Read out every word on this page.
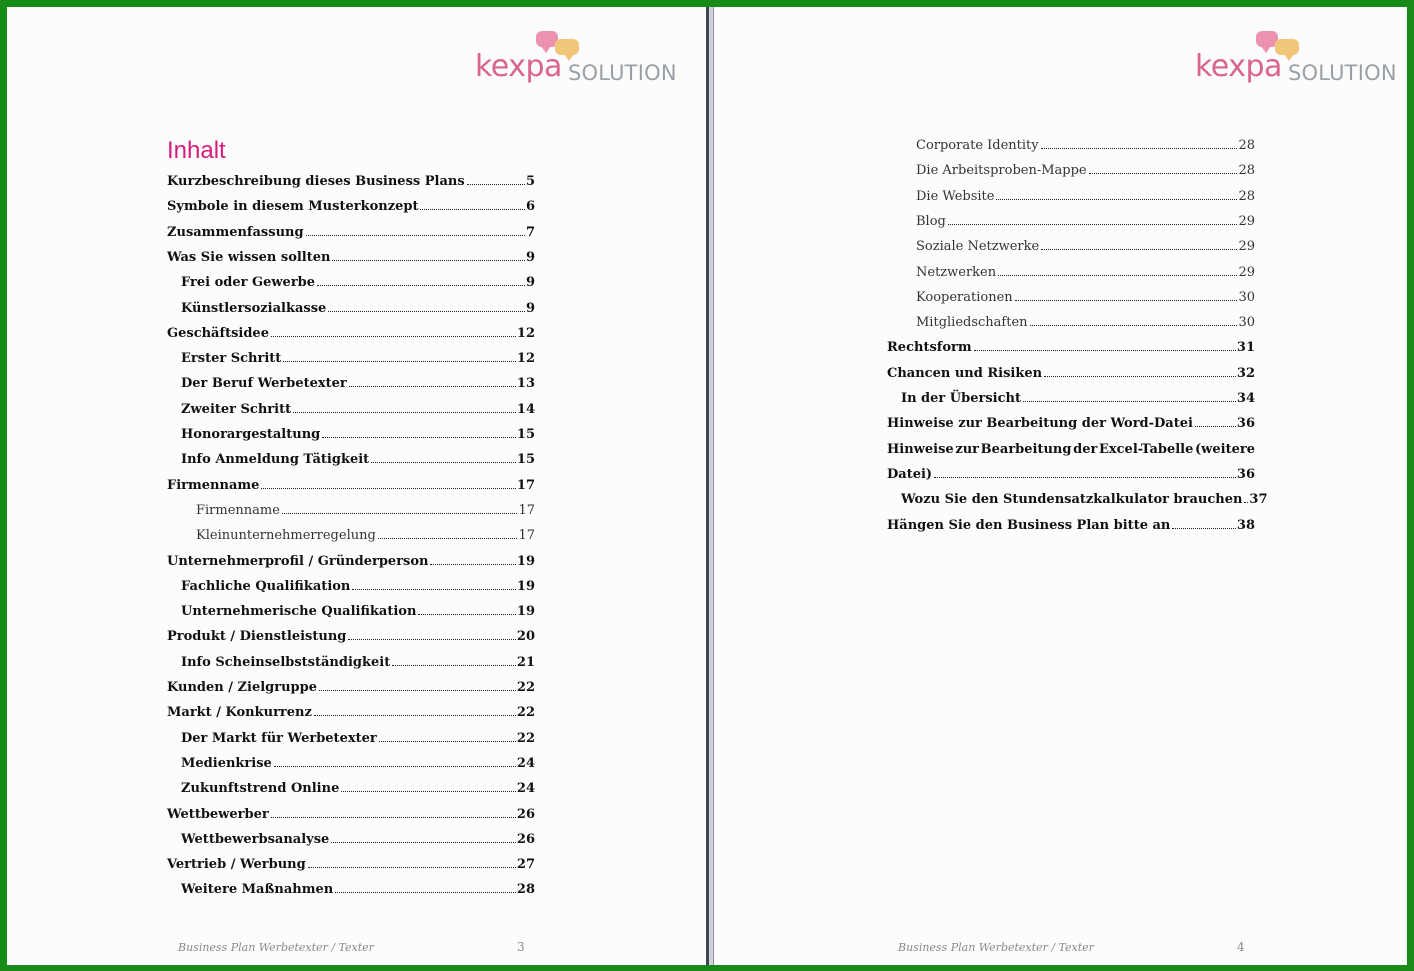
kexpa SOLUTION
Inhalt
Kurzbeschreibung dieses Business Plans	5
Symbole in diesem Musterkonzept	6
Zusammenfassung	7
Was Sie wissen sollten	9
Frei oder Gewerbe	9
Künstlersozialkasse	9
Geschäftsidee	12
Erster Schritt	12
Der Beruf Werbetexter	13
Zweiter Schritt	14
Honorargestaltung	15
Info Anmeldung Tätigkeit	15
Firmenname	17
Firmenname	17
Kleinunternehmerregelung	17
Unternehmerprofil / Gründerperson	19
Fachliche Qualifikation	19
Unternehmerische Qualifikation	19
Produkt / Dienstleistung	20
Info Scheinselbstständigkeit	21
Kunden / Zielgruppe	22
Markt / Konkurrenz	22
Der Markt für Werbetexter	22
Medienkrise	24
Zukunftstrend Online	24
Wettbewerber	26
Wettbewerbsanalyse	26
Vertrieb / Werbung	27
Weitere Maßnahmen	28
Business Plan Werbetexter / Texter	3
kexpa SOLUTION
Corporate Identity	28
Die Arbeitsproben-Mappe	28
Die Website	28
Blog	29
Soziale Netzwerke	29
Netzwerken	29
Kooperationen	30
Mitgliedschaften	30
Rechtsform	31
Chancen und Risiken	32
In der Übersicht	34
Hinweise zur Bearbeitung der Word-Datei	36
Hinweise zur Bearbeitung der Excel-Tabelle (weitere
Datei)	36
Wozu Sie den Stundensatzkalkulator brauchen 37
Hängen Sie den Business Plan bitte an	38
Business Plan Werbetexter / Texter	4
